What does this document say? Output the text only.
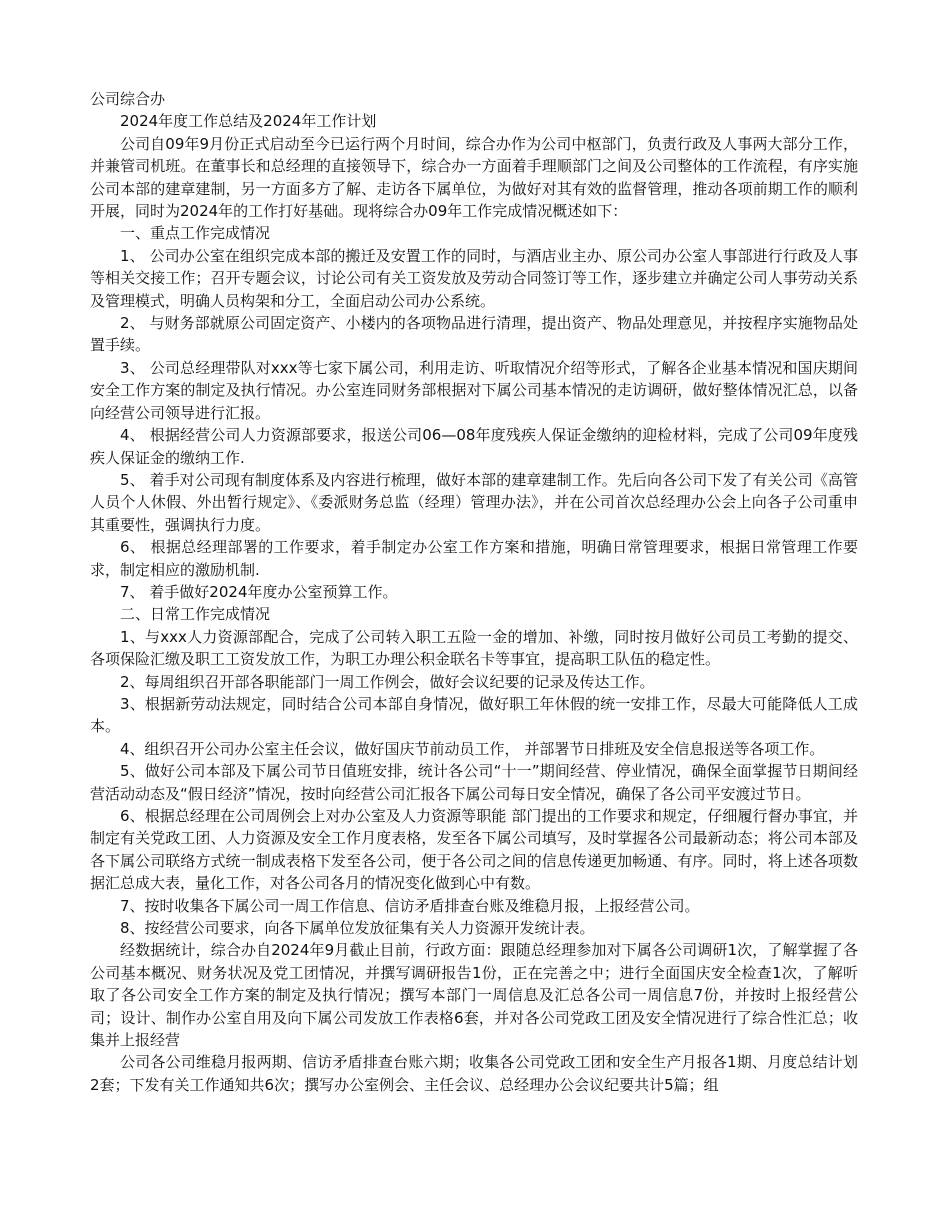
公司综合办

2024年度工作总结及2024年工作计划

公司自09年9月份正式启动至今已运行两个月时间，综合办作为公司中枢部门，负责行政及人事两大部分工作，并兼管司机班。在董事长和总经理的直接领导下，综合办一方面着手理顺部门之间及公司整体的工作流程，有序实施公司本部的建章建制，另一方面多方了解、走访各下属单位，为做好对其有效的监督管理，推动各项前期工作的顺利开展，同时为2024年的工作打好基础。现将综合办09年工作完成情况概述如下：

一、重点工作完成情况

1、 公司办公室在组织完成本部的搬迁及安置工作的同时，与酒店业主办、原公司办公室人事部进行行政及人事等相关交接工作；召开专题会议，讨论公司有关工资发放及劳动合同签订等工作，逐步建立并确定公司人事劳动关系及管理模式，明确人员构架和分工，全面启动公司办公系统。

2、 与财务部就原公司固定资产、小楼内的各项物品进行清理，提出资产、物品处理意见，并按程序实施物品处置手续。

3、 公司总经理带队对xxx等七家下属公司，利用走访、听取情况介绍等形式，了解各企业基本情况和国庆期间安全工作方案的制定及执行情况。办公室连同财务部根据对下属公司基本情况的走访调研，做好整体情况汇总，以备向经营公司领导进行汇报。

4、 根据经营公司人力资源部要求，报送公司06—08年度残疾人保证金缴纳的迎检材料，完成了公司09年度残疾人保证金的缴纳工作.

5、 着手对公司现有制度体系及内容进行梳理，做好本部的建章建制工作。先后向各公司下发了有关公司《高管人员个人休假、外出暂行规定》、《委派财务总监（经理）管理办法》，并在公司首次总经理办公会上向各子公司重申其重要性，强调执行力度。

6、 根据总经理部署的工作要求，着手制定办公室工作方案和措施，明确日常管理要求，根据日常管理工作要求，制定相应的激励机制.

7、 着手做好2024年度办公室预算工作。

二、日常工作完成情况

1、与xxx人力资源部配合，完成了公司转入职工五险一金的增加、补缴，同时按月做好公司员工考勤的提交、各项保险汇缴及职工工资发放工作，为职工办理公积金联名卡等事宜，提高职工队伍的稳定性。

2、每周组织召开部各职能部门一周工作例会，做好会议纪要的记录及传达工作。

3、根据新劳动法规定，同时结合公司本部自身情况，做好职工年休假的统一安排工作，尽最大可能降低人工成本。

4、组织召开公司办公室主任会议，做好国庆节前动员工作， 并部署节日排班及安全信息报送等各项工作。

5、做好公司本部及下属公司节日值班安排，统计各公司“十一”期间经营、停业情况，确保全面掌握节日期间经营活动动态及“假日经济”情况，按时向经营公司汇报各下属公司每日安全情况，确保了各公司平安渡过节日。

6、根据总经理在公司周例会上对办公室及人力资源等职能 部门提出的工作要求和规定，仔细履行督办事宜，并制定有关党政工团、人力资源及安全工作月度表格，发至各下属公司填写，及时掌握各公司最新动态；将公司本部及各下属公司联络方式统一制成表格下发至各公司，便于各公司之间的信息传递更加畅通、有序。同时，将上述各项数据汇总成大表，量化工作，对各公司各月的情况变化做到心中有数。

7、按时收集各下属公司一周工作信息、信访矛盾排查台账及维稳月报，上报经营公司。

8、按经营公司要求，向各下属单位发放征集有关人力资源开发统计表。

经数据统计，综合办自2024年9月截止目前，行政方面：跟随总经理参加对下属各公司调研1次，了解掌握了各公司基本概况、财务状况及党工团情况，并撰写调研报告1份，正在完善之中；进行全面国庆安全检查1次，了解听取了各公司安全工作方案的制定及执行情况；撰写本部门一周信息及汇总各公司一周信息7份，并按时上报经营公司；设计、制作办公室自用及向下属公司发放工作表格6套，并对各公司党政工团及安全情况进行了综合性汇总；收集并上报经营

公司各公司维稳月报两期、信访矛盾排查台账六期；收集各公司党政工团和安全生产月报各1期、月度总结计划2套；下发有关工作通知共6次；撰写办公室例会、主任会议、总经理办公会议纪要共计5篇；组
